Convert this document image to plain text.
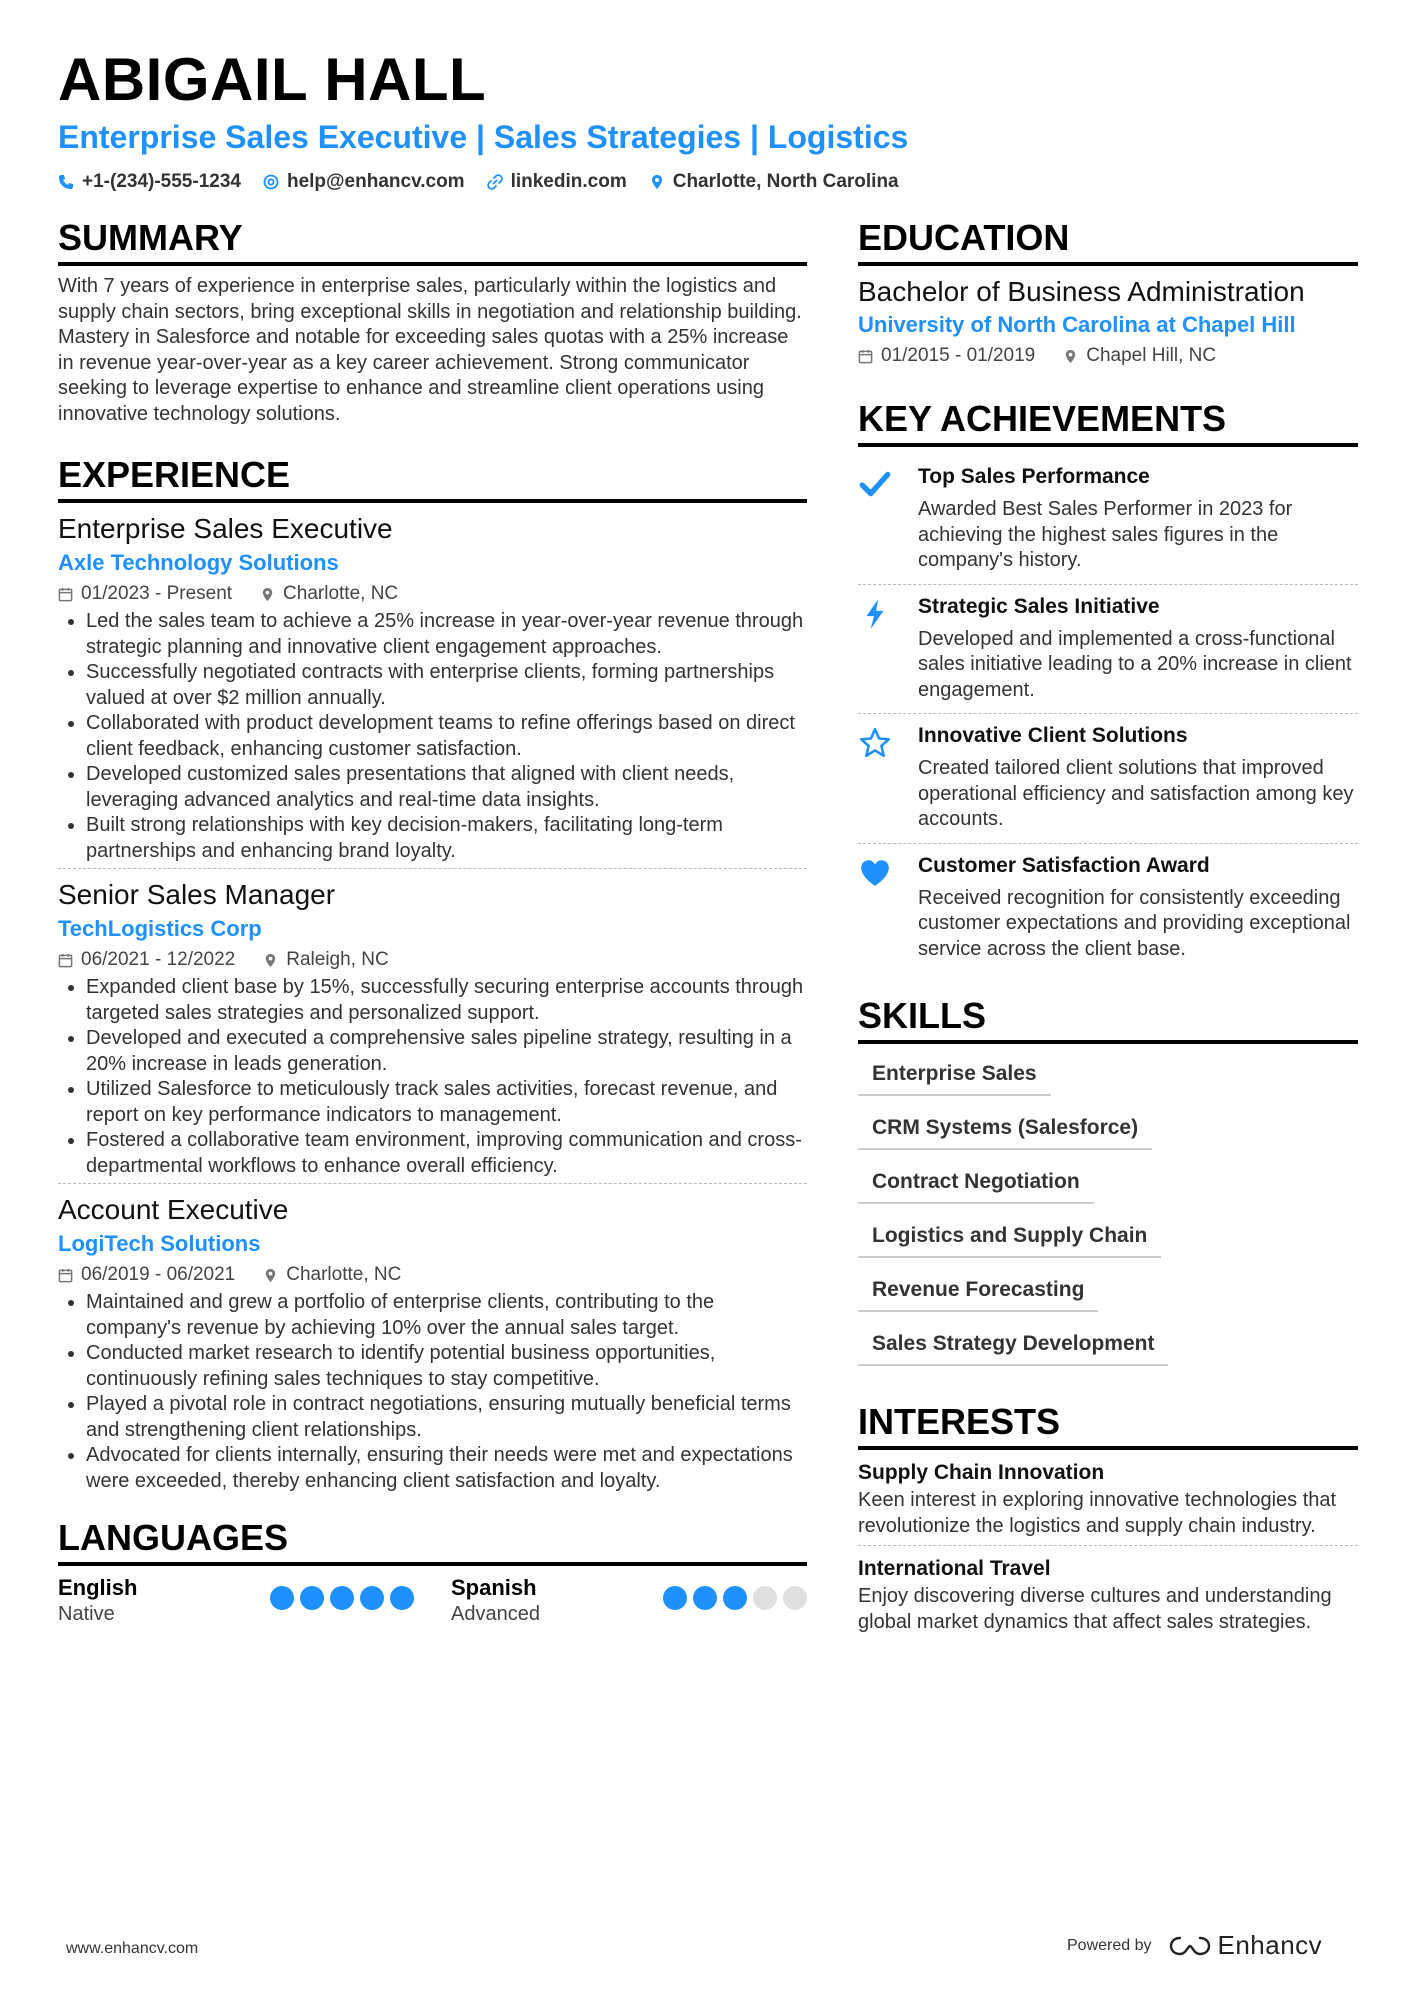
ABIGAIL HALL
Enterprise Sales Executive | Sales Strategies | Logistics
+1-(234)-555-1234 help@enhancv.com linkedin.com Charlotte, North Carolina
SUMMARY
With 7 years of experience in enterprise sales, particularly within the logistics and supply chain sectors, bring exceptional skills in negotiation and relationship building. Mastery in Salesforce and notable for exceeding sales quotas with a 25% increase in revenue year-over-year as a key career achievement. Strong communicator seeking to leverage expertise to enhance and streamline client operations using innovative technology solutions.
EXPERIENCE
Enterprise Sales Executive
Axle Technology Solutions
01/2023 - Present	Charlotte, NC
• Led the sales team to achieve a 25% increase in year-over-year revenue through strategic planning and innovative client engagement approaches.
• Successfully negotiated contracts with enterprise clients, forming partnerships valued at over $2 million annually.
• Collaborated with product development teams to refine offerings based on direct client feedback, enhancing customer satisfaction.
• Developed customized sales presentations that aligned with client needs, leveraging advanced analytics and real-time data insights.
• Built strong relationships with key decision-makers, facilitating long-term partnerships and enhancing brand loyalty.
Senior Sales Manager
TechLogistics Corp
06/2021 - 12/2022	Raleigh, NC
• Expanded client base by 15%, successfully securing enterprise accounts through targeted sales strategies and personalized support.
• Developed and executed a comprehensive sales pipeline strategy, resulting in a 20% increase in leads generation.
• Utilized Salesforce to meticulously track sales activities, forecast revenue, and report on key performance indicators to management.
• Fostered a collaborative team environment, improving communication and cross-departmental workflows to enhance overall efficiency.
Account Executive
LogiTech Solutions
06/2019 - 06/2021	Charlotte, NC
• Maintained and grew a portfolio of enterprise clients, contributing to the company's revenue by achieving 10% over the annual sales target.
• Conducted market research to identify potential business opportunities, continuously refining sales techniques to stay competitive.
• Played a pivotal role in contract negotiations, ensuring mutually beneficial terms and strengthening client relationships.
• Advocated for clients internally, ensuring their needs were met and expectations were exceeded, thereby enhancing client satisfaction and loyalty.
LANGUAGES
English
Native
Spanish
Advanced
EDUCATION
Bachelor of Business Administration
University of North Carolina at Chapel Hill
01/2015 - 01/2019	Chapel Hill, NC
KEY ACHIEVEMENTS
Top Sales Performance
Awarded Best Sales Performer in 2023 for achieving the highest sales figures in the company's history.
Strategic Sales Initiative
Developed and implemented a cross-functional sales initiative leading to a 20% increase in client engagement.
Innovative Client Solutions
Created tailored client solutions that improved operational efficiency and satisfaction among key accounts.
Customer Satisfaction Award
Received recognition for consistently exceeding customer expectations and providing exceptional service across the client base.
SKILLS
Enterprise Sales
CRM Systems (Salesforce)
Contract Negotiation
Logistics and Supply Chain
Revenue Forecasting
Sales Strategy Development
INTERESTS
Supply Chain Innovation
Keen interest in exploring innovative technologies that revolutionize the logistics and supply chain industry.
International Travel
Enjoy discovering diverse cultures and understanding global market dynamics that affect sales strategies.
www.enhancv.com	Powered by	Enhancv
